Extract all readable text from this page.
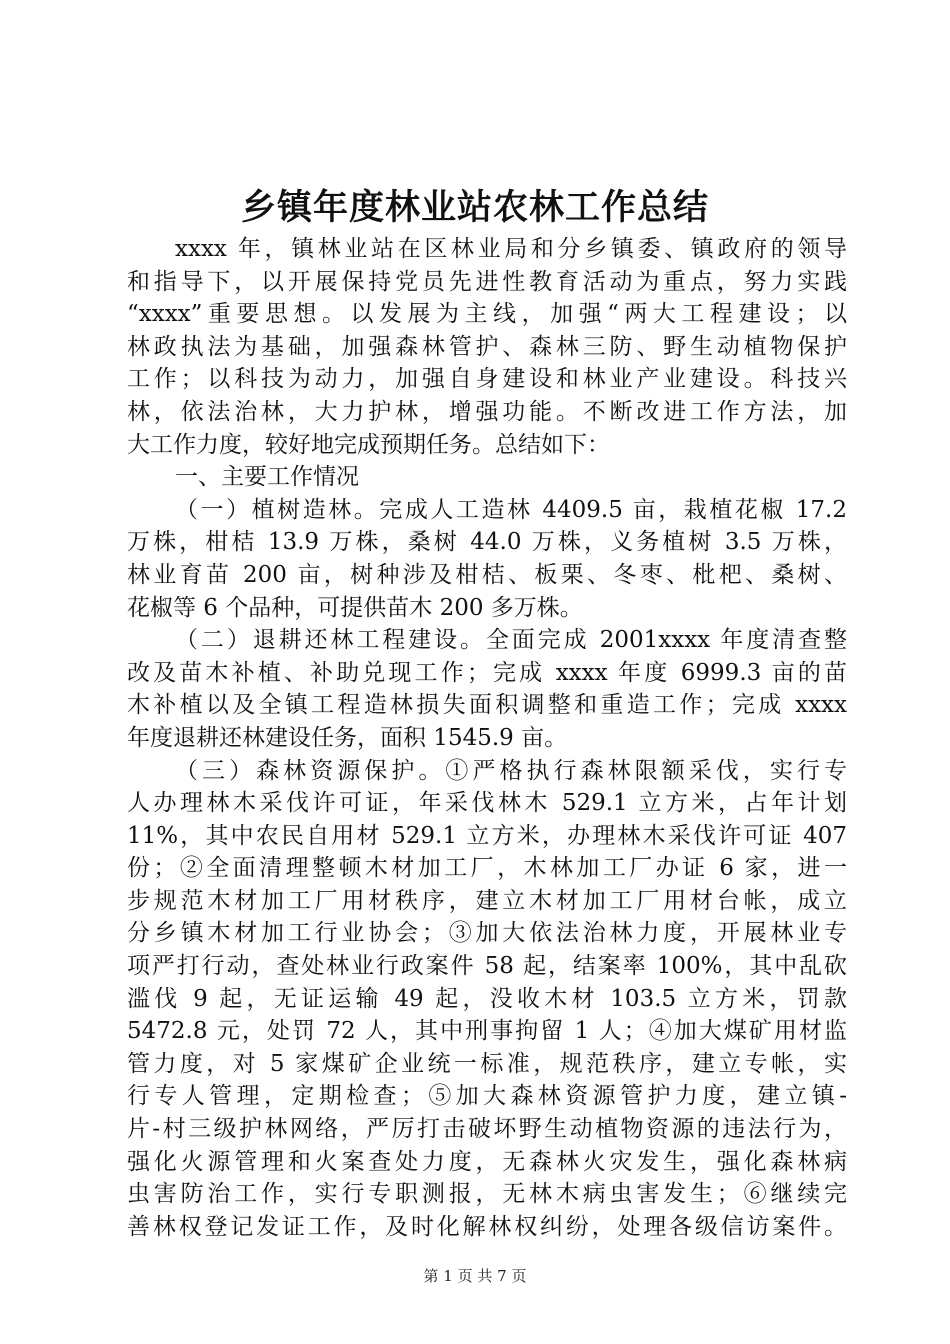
乡镇年度林业站农林工作总结
xxxx 年，镇林业站在区林业局和分乡镇委、镇政府的领导
和指导下，以开展保持党员先进性教育活动为重点，努力实践
“xxxx”重要思想。以发展为主线，加强“两大工程建设；以
林政执法为基础，加强森林管护、森林三防、野生动植物保护
工作；以科技为动力，加强自身建设和林业产业建设。科技兴
林，依法治林，大力护林，增强功能。不断改进工作方法，加
大工作力度，较好地完成预期任务。总结如下：
一、主要工作情况
（一）植树造林。完成人工造林 4409.5 亩，栽植花椒 17.2
万株，柑桔 13.9 万株，桑树 44.0 万株，义务植树 3.5 万株，
林业育苗 200 亩，树种涉及柑桔、板栗、冬枣、枇杷、桑树、
花椒等 6 个品种，可提供苗木 200 多万株。
（二）退耕还林工程建设。全面完成 2001xxxx 年度清查整
改及苗木补植、补助兑现工作；完成 xxxx 年度 6999.3 亩的苗
木补植以及全镇工程造林损失面积调整和重造工作；完成 xxxx
年度退耕还林建设任务，面积 1545.9 亩。
（三）森林资源保护。①严格执行森林限额采伐，实行专
人办理林木采伐许可证，年采伐林木 529.1 立方米，占年计划
11%，其中农民自用材 529.1 立方米，办理林木采伐许可证 407
份；②全面清理整顿木材加工厂，木林加工厂办证 6 家，进一
步规范木材加工厂用材秩序，建立木材加工厂用材台帐，成立
分乡镇木材加工行业协会；③加大依法治林力度，开展林业专
项严打行动，查处林业行政案件 58 起，结案率 100%，其中乱砍
滥伐 9 起，无证运输 49 起，没收木材 103.5 立方米，罚款
5472.8 元，处罚 72 人，其中刑事拘留 1 人；④加大煤矿用材监
管力度，对 5 家煤矿企业统一标准，规范秩序，建立专帐，实
行专人管理，定期检查；⑤加大森林资源管护力度，建立镇-
片-村三级护林网络，严厉打击破坏野生动植物资源的违法行为，
强化火源管理和火案查处力度，无森林火灾发生，强化森林病
虫害防治工作，实行专职测报，无林木病虫害发生；⑥继续完
善林权登记发证工作，及时化解林权纠纷，处理各级信访案件。
第 1 页 共 7 页
